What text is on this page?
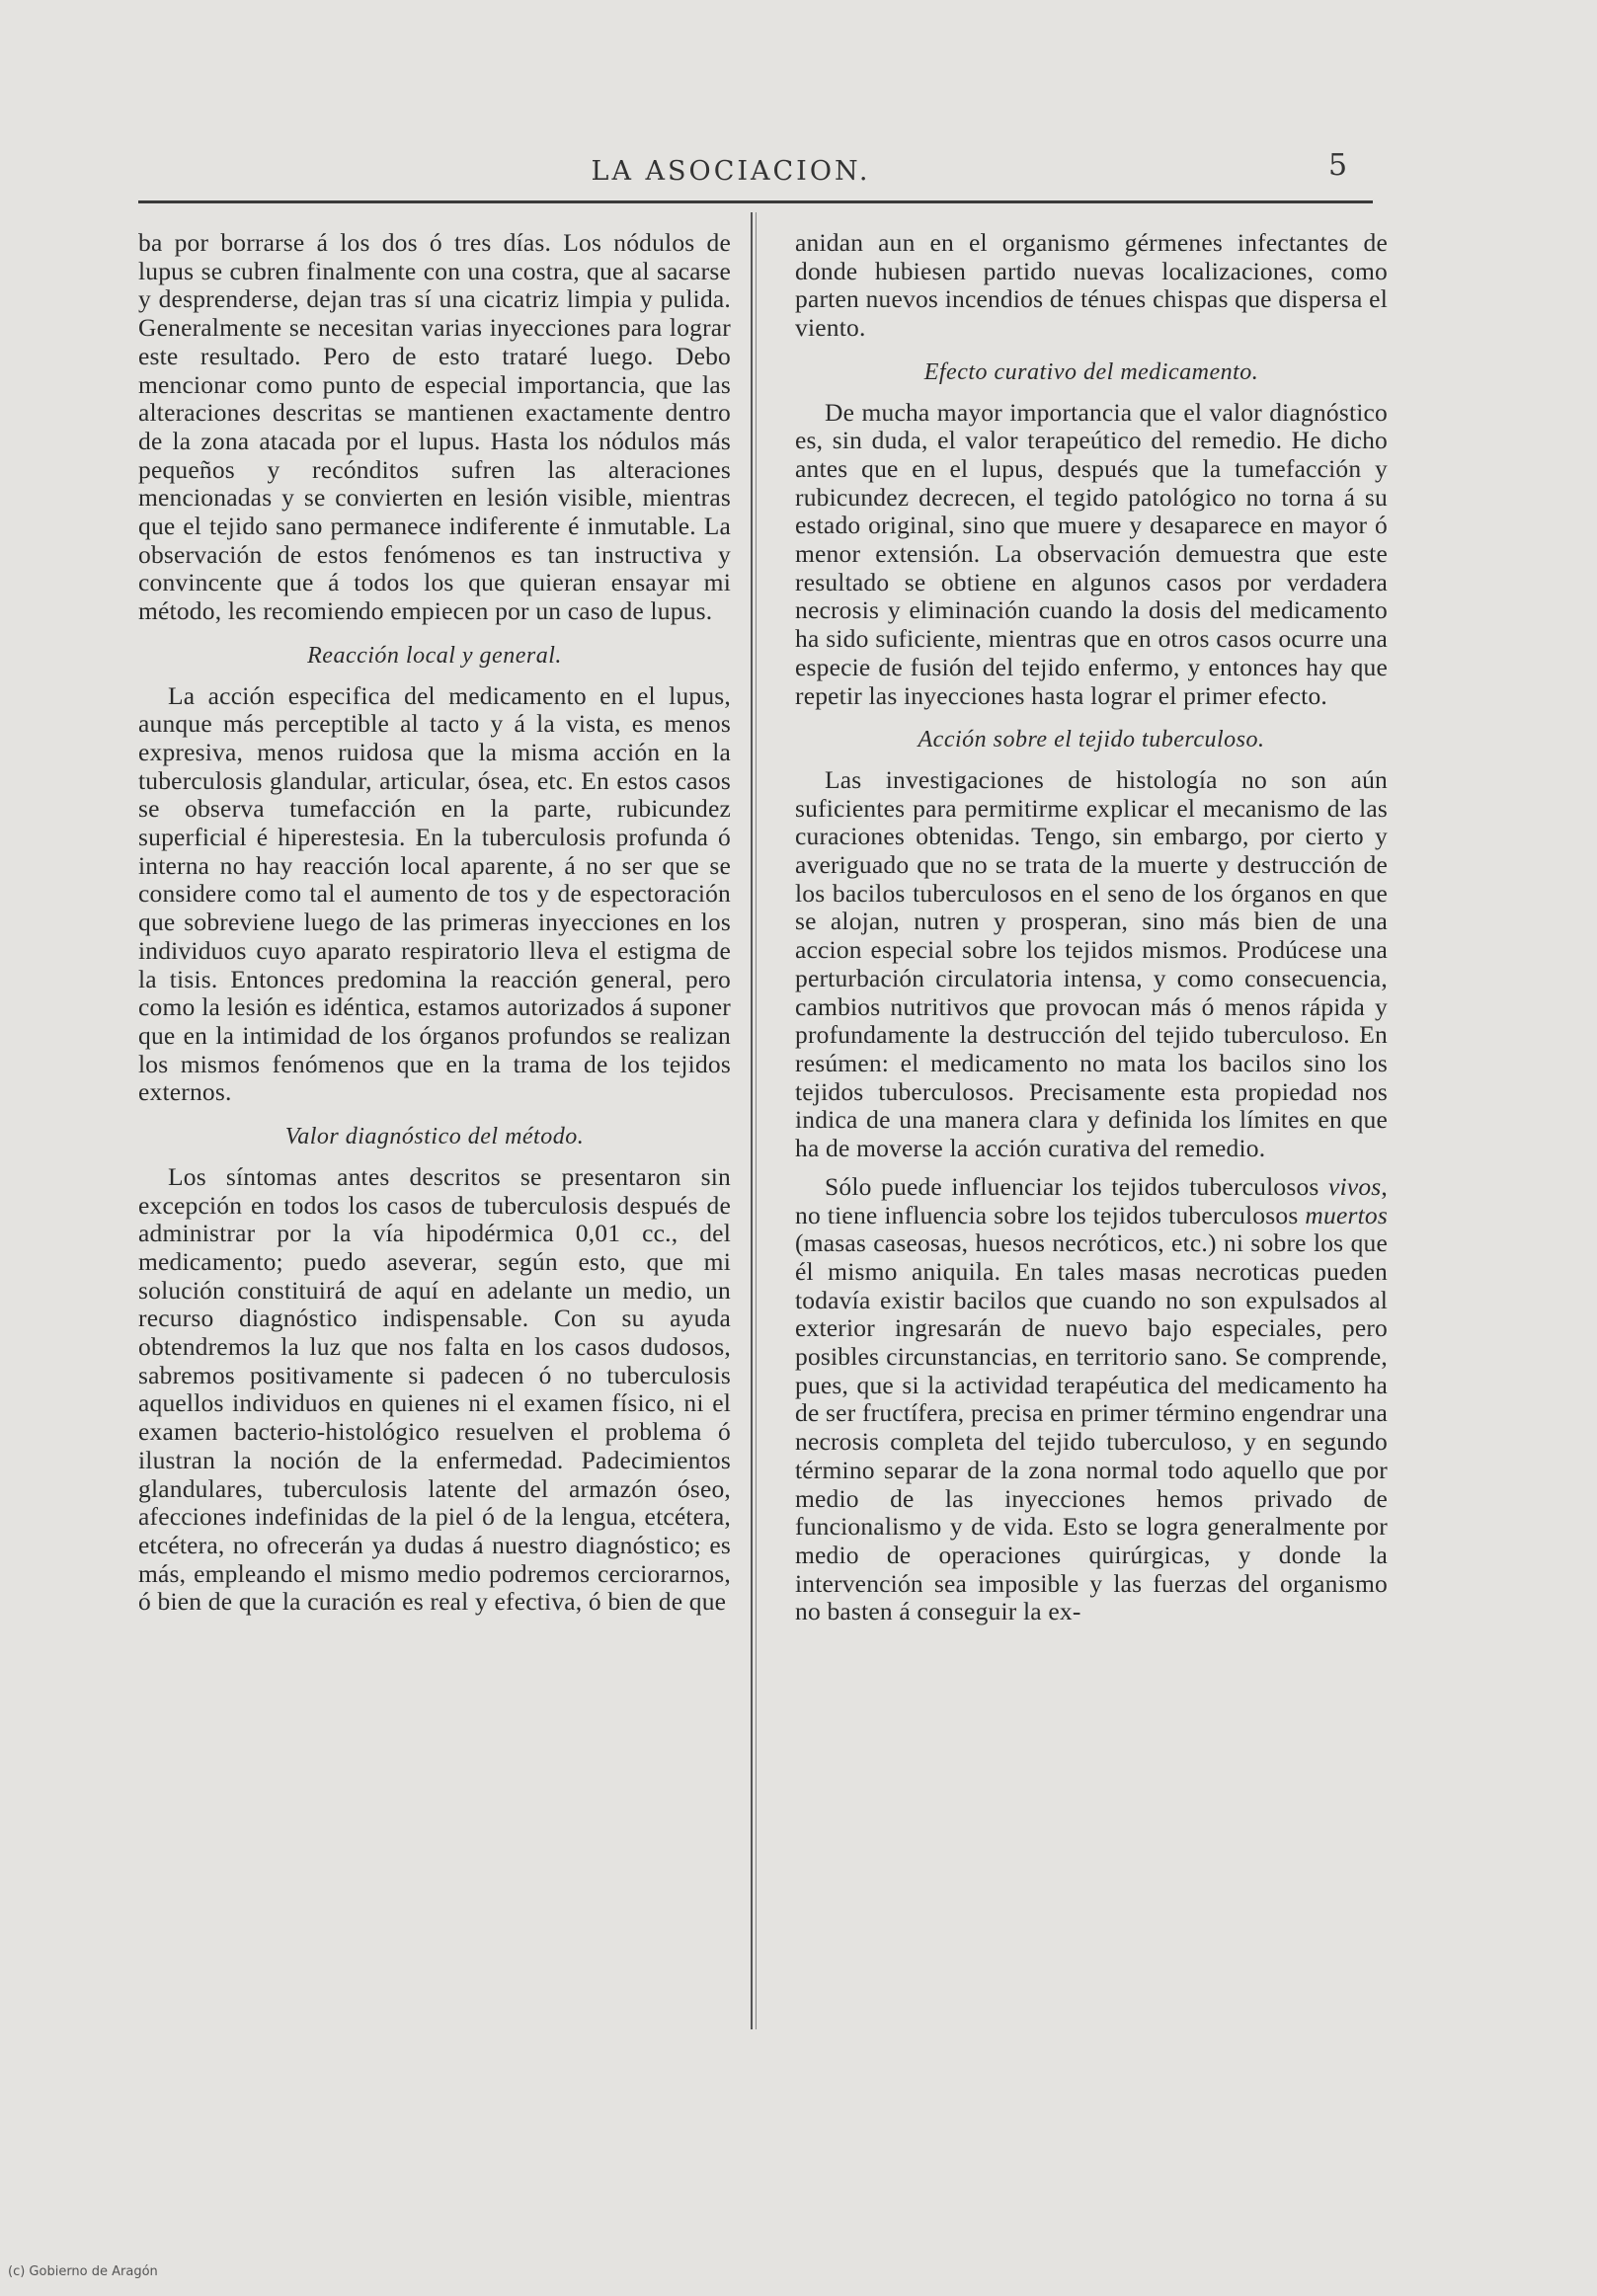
LA ASOCIACION.	5

ba por borrarse á los dos ó tres días. Los nódulos de lupus se cubren finalmente con una costra, que al sacarse y desprenderse, dejan tras sí una cicatriz limpia y pulida. Generalmente se necesitan varias inyecciones para lograr este resultado. Pero de esto trataré luego. Debo mencionar como punto de especial importancia, que las alteraciones descritas se mantienen exactamente dentro de la zona atacada por el lupus. Hasta los nódulos más pequeños y recónditos sufren las alteraciones mencionadas y se convierten en lesión visible, mientras que el tejido sano permanece indiferente é inmutable. La observación de estos fenómenos es tan instructiva y convincente que á todos los que quieran ensayar mi método, les recomiendo empiecen por un caso de lupus.

Reacción local y general.

La acción especifica del medicamento en el lupus, aunque más perceptible al tacto y á la vista, es menos expresiva, menos ruidosa que la misma acción en la tuberculosis glandular, articular, ósea, etc. En estos casos se observa tumefacción en la parte, rubicundez superficial é hiperestesia. En la tuberculosis profunda ó interna no hay reacción local aparente, á no ser que se considere como tal el aumento de tos y de espectoración que sobreviene luego de las primeras inyecciones en los individuos cuyo aparato respiratorio lleva el estigma de la tisis. Entonces predomina la reacción general, pero como la lesión es idéntica, estamos autorizados á suponer que en la intimidad de los órganos profundos se realizan los mismos fenómenos que en la trama de los tejidos externos.

Valor diagnóstico del método.

Los síntomas antes descritos se presentaron sin excepción en todos los casos de tuberculosis después de administrar por la vía hipodérmica 0,01 cc., del medicamento; puedo aseverar, según esto, que mi solución constituirá de aquí en adelante un medio, un recurso diagnóstico indispensable. Con su ayuda obtendremos la luz que nos falta en los casos dudosos, sabremos positivamente si padecen ó no tuberculosis aquellos individuos en quienes ni el examen físico, ni el examen bacterio-histológico resuelven el problema ó ilustran la noción de la enfermedad. Padecimientos glandulares, tuberculosis latente del armazón óseo, afecciones indefinidas de la piel ó de la lengua, etcétera, etcétera, no ofrecerán ya dudas á nuestro diagnóstico; es más, empleando el mismo medio podremos cerciorarnos, ó bien de que la curación es real y efectiva, ó bien de que

anidan aun en el organismo gérmenes infectantes de donde hubiesen partido nuevas localizaciones, como parten nuevos incendios de ténues chispas que dispersa el viento.

Efecto curativo del medicamento.

De mucha mayor importancia que el valor diagnóstico es, sin duda, el valor terapeútico del remedio. He dicho antes que en el lupus, después que la tumefacción y rubicundez decrecen, el tegido patológico no torna á su estado original, sino que muere y desaparece en mayor ó menor extensión. La observación demuestra que este resultado se obtiene en algunos casos por verdadera necrosis y eliminación cuando la dosis del medicamento ha sido suficiente, mientras que en otros casos ocurre una especie de fusión del tejido enfermo, y entonces hay que repetir las inyecciones hasta lograr el primer efecto.

Acción sobre el tejido tuberculoso.

Las investigaciones de histología no son aún suficientes para permitirme explicar el mecanismo de las curaciones obtenidas. Tengo, sin embargo, por cierto y averiguado que no se trata de la muerte y destrucción de los bacilos tuberculosos en el seno de los órganos en que se alojan, nutren y prosperan, sino más bien de una accion especial sobre los tejidos mismos. Prodúcese una perturbación circulatoria intensa, y como consecuencia, cambios nutritivos que provocan más ó menos rápida y profundamente la destrucción del tejido tuberculoso. En resúmen: el medicamento no mata los bacilos sino los tejidos tuberculosos. Precisamente esta propiedad nos indica de una manera clara y definida los límites en que ha de moverse la acción curativa del remedio.

Sólo puede influenciar los tejidos tuberculosos vivos, no tiene influencia sobre los tejidos tuberculosos muertos (masas caseosas, huesos necróticos, etc.) ni sobre los que él mismo aniquila. En tales masas necroticas pueden todavía existir bacilos que cuando no son expulsados al exterior ingresarán de nuevo bajo especiales, pero posibles circunstancias, en territorio sano. Se comprende, pues, que si la actividad terapéutica del medicamento ha de ser fructífera, precisa en primer término engendrar una necrosis completa del tejido tuberculoso, y en segundo término separar de la zona normal todo aquello que por medio de las inyecciones hemos privado de funcionalismo y de vida. Esto se logra generalmente por medio de operaciones quirúrgicas, y donde la intervención sea imposible y las fuerzas del organismo no basten á conseguir la ex-

(c) Gobierno de Aragón
